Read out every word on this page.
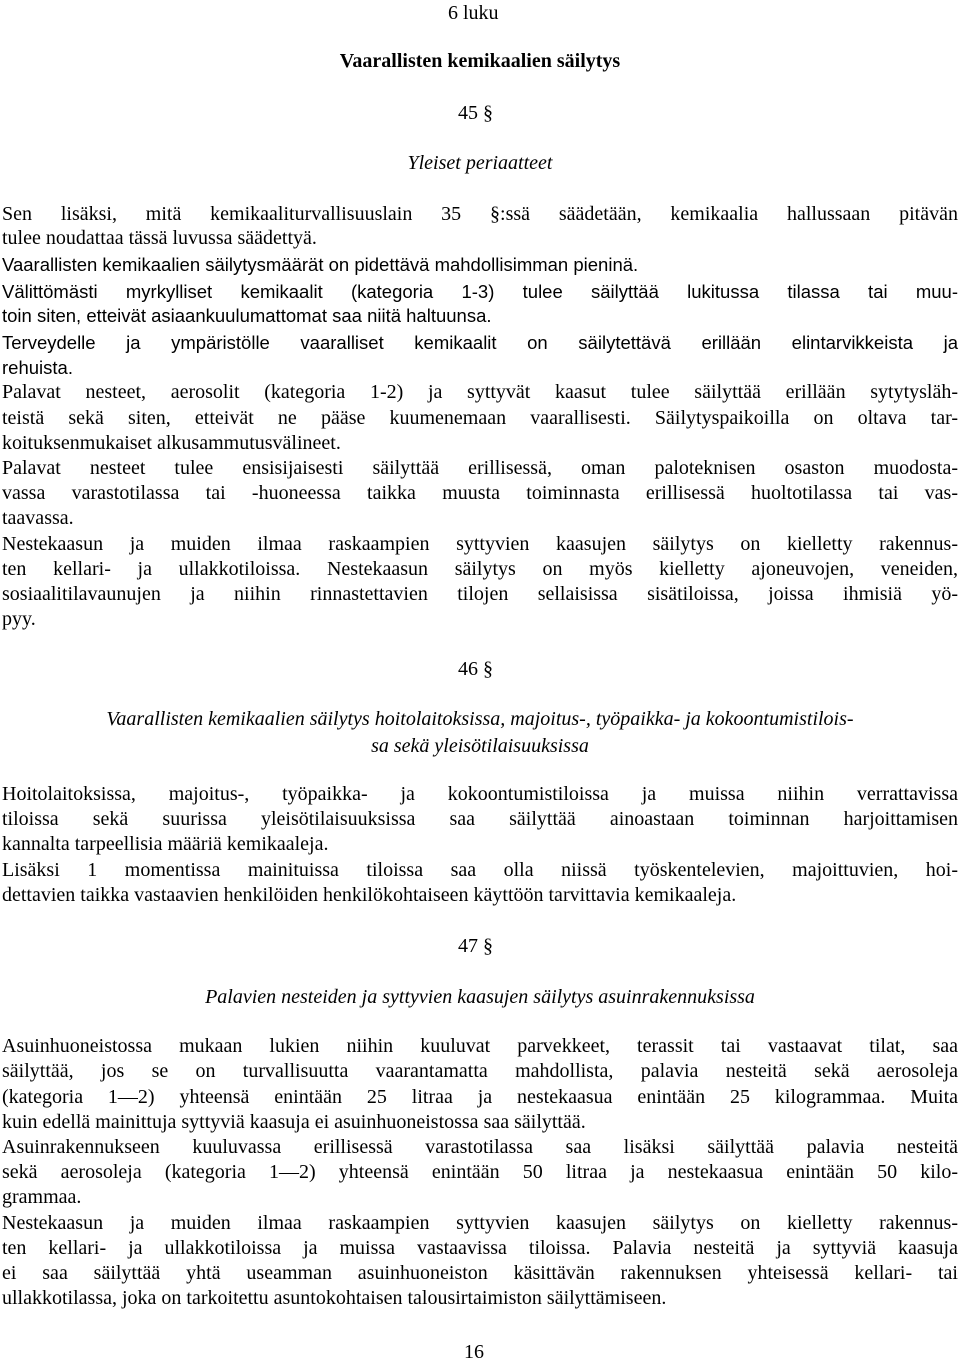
6 luku

Vaarallisten kemikaalien säilytys

45 §

Yleiset periaatteet

Sen lisäksi, mitä kemikaaliturvallisuuslain 35 §:ssä säädetään, kemikaalia hallussaan pitävän

tulee noudattaa tässä luvussa säädettyä.

Vaarallisten kemikaalien säilytysmäärät on pidettävä mahdollisimman pieninä.

Välittömästi myrkylliset kemikaalit (kategoria 1-3) tulee säilyttää lukitussa tilassa tai muu-

toin siten, etteivät asiaankuulumattomat saa niitä haltuunsa.

Terveydelle ja ympäristölle vaaralliset kemikaalit on säilytettävä erillään elintarvikkeista ja

rehuista.

Palavat nesteet, aerosolit (kategoria 1-2) ja syttyvät kaasut tulee säilyttää erillään sytytysläh-

teistä sekä siten, etteivät ne pääse kuumenemaan vaarallisesti. Säilytyspaikoilla on oltava tar-

koituksenmukaiset alkusammutusvälineet.

Palavat nesteet tulee ensisijaisesti säilyttää erillisessä, oman paloteknisen osaston muodosta-

vassa varastotilassa tai -huoneessa taikka muusta toiminnasta erillisessä huoltotilassa tai vas-

taavassa.

Nestekaasun ja muiden ilmaa raskaampien syttyvien kaasujen säilytys on kielletty rakennus-

ten kellari- ja ullakkotiloissa. Nestekaasun säilytys on myös kielletty ajoneuvojen, veneiden,

sosiaalitilavaunujen ja niihin rinnastettavien tilojen sellaisissa sisätiloissa, joissa ihmisiä yö-

pyy.

46 §

Vaarallisten kemikaalien säilytys hoitolaitoksissa, majoitus-, työpaikka- ja kokoontumistilois-

sa sekä yleisötilaisuuksissa

Hoitolaitoksissa, majoitus-, työpaikka- ja kokoontumistiloissa ja muissa niihin verrattavissa

tiloissa sekä suurissa yleisötilaisuuksissa saa säilyttää ainoastaan toiminnan harjoittamisen

kannalta tarpeellisia määriä kemikaaleja.

Lisäksi 1 momentissa mainituissa tiloissa saa olla niissä työskentelevien, majoittuvien, hoi-

dettavien taikka vastaavien henkilöiden henkilökohtaiseen käyttöön tarvittavia kemikaaleja.

47 §

Palavien nesteiden ja syttyvien kaasujen säilytys asuinrakennuksissa

Asuinhuoneistossa mukaan lukien niihin kuuluvat parvekkeet, terassit tai vastaavat tilat, saa

säilyttää, jos se on turvallisuutta vaarantamatta mahdollista, palavia nesteitä sekä aerosoleja

(kategoria 1—2) yhteensä enintään 25 litraa ja nestekaasua enintään 25 kilogrammaa. Muita

kuin edellä mainittuja syttyviä kaasuja ei asuinhuoneistossa saa säilyttää.

Asuinrakennukseen kuuluvassa erillisessä varastotilassa saa lisäksi säilyttää palavia nesteitä

sekä aerosoleja (kategoria 1—2) yhteensä enintään 50 litraa ja nestekaasua enintään 50 kilo-

grammaa.

Nestekaasun ja muiden ilmaa raskaampien syttyvien kaasujen säilytys on kielletty rakennus-

ten kellari- ja ullakkotiloissa ja muissa vastaavissa tiloissa. Palavia nesteitä ja syttyviä kaasuja

ei saa säilyttää yhtä useamman asuinhuoneiston käsittävän rakennuksen yhteisessä kellari- tai

ullakkotilassa, joka on tarkoitettu asuntokohtaisen talousirtaimiston säilyttämiseen.

16
